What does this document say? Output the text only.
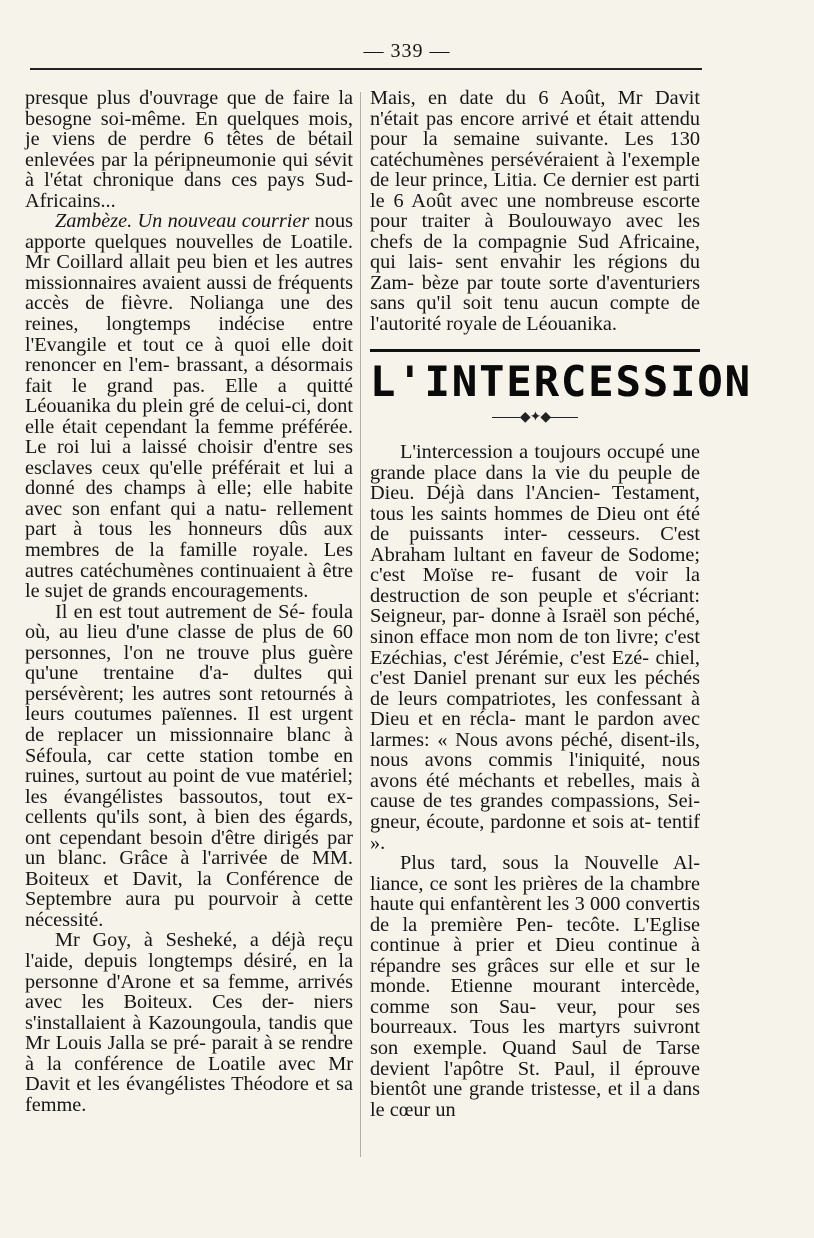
— 339 —

presque plus d'ouvrage que de faire la besogne soi-même. En quelques mois, je viens de perdre 6 têtes de bétail enlevées par la péripneumonie qui sévit à l'état chronique dans ces pays Sud-Africains...

Zambèze. Un nouveau courrier nous apporte quelques nouvelles de Loatile. Mr Coillard allait peu bien et les autres missionnaires avaient aussi de fréquents accès de fièvre. Nolianga une des reines, longtemps indécise entre l'Evangile et tout ce à quoi elle doit renoncer en l'em- brassant, a désormais fait le grand pas. Elle a quitté Léouanika du plein gré de celui-ci, dont elle était cependant la femme préférée. Le roi lui a laissé choisir d'entre ses esclaves ceux qu'elle préférait et lui a donné des champs à elle; elle habite avec son enfant qui a natu- rellement part à tous les honneurs dûs aux membres de la famille royale. Les autres catéchumènes continuaient à être le sujet de grands encouragements.

Il en est tout autrement de Sé- foula où, au lieu d'une classe de plus de 60 personnes, l'on ne trouve plus guère qu'une trentaine d'a- dultes qui persévèrent; les autres sont retournés à leurs coutumes païennes. Il est urgent de replacer un missionnaire blanc à Séfoula, car cette station tombe en ruines, surtout au point de vue matériel; les évangélistes bassoutos, tout ex- cellents qu'ils sont, à bien des égards, ont cependant besoin d'être dirigés par un blanc. Grâce à l'arrivée de MM. Boiteux et Davit, la Conférence de Septembre aura pu pourvoir à cette nécessité.

Mr Goy, à Sesheké, a déjà reçu l'aide, depuis longtemps désiré, en la personne d'Arone et sa femme, arrivés avec les Boiteux. Ces der- niers s'installaient à Kazoungoula, tandis que Mr Louis Jalla se pré- parait à se rendre à la conférence de Loatile avec Mr Davit et les évangélistes Théodore et sa femme.

Mais, en date du 6 Août, Mr Davit n'était pas encore arrivé et était attendu pour la semaine suivante. Les 130 catéchumènes persévéraient à l'exemple de leur prince, Litia. Ce dernier est parti le 6 Août avec une nombreuse escorte pour traiter à Boulouwayo avec les chefs de la compagnie Sud Africaine, qui lais- sent envahir les régions du Zam- bèze par toute sorte d'aventuriers sans qu'il soit tenu aucun compte de l'autorité royale de Léouanika.

L'INTERCESSION
◆✦◆

L'intercession a toujours occupé une grande place dans la vie du peuple de Dieu. Déjà dans l'Ancien- Testament, tous les saints hommes de Dieu ont été de puissants inter- cesseurs. C'est Abraham lultant en faveur de Sodome; c'est Moïse re- fusant de voir la destruction de son peuple et s'écriant: Seigneur, par- donne à Israël son péché, sinon efface mon nom de ton livre; c'est Ezéchias, c'est Jérémie, c'est Ezé- chiel, c'est Daniel prenant sur eux les péchés de leurs compatriotes, les confessant à Dieu et en récla- mant le pardon avec larmes: « Nous avons péché, disent-ils, nous avons commis l'iniquité, nous avons été méchants et rebelles, mais à cause de tes grandes compassions, Sei- gneur, écoute, pardonne et sois at- tentif ».

Plus tard, sous la Nouvelle Al- liance, ce sont les prières de la chambre haute qui enfantèrent les 3 000 convertis de la première Pen- tecôte. L'Eglise continue à prier et Dieu continue à répandre ses grâces sur elle et sur le monde. Etienne mourant intercède, comme son Sau- veur, pour ses bourreaux. Tous les martyrs suivront son exemple. Quand Saul de Tarse devient l'apôtre St. Paul, il éprouve bientôt une grande tristesse, et il a dans le cœur un
